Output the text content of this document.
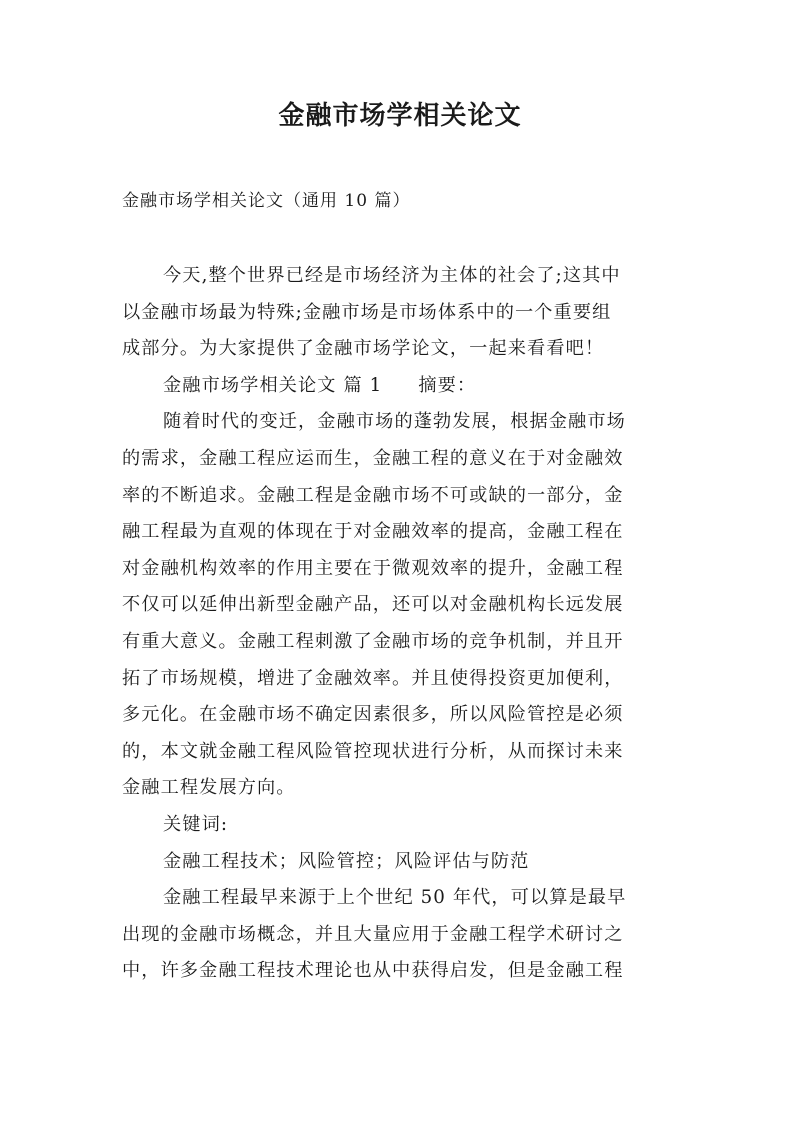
金融市场学相关论文
金融市场学相关论文（通用 10 篇）
今天,整个世界已经是市场经济为主体的社会了;这其中
以金融市场最为特殊;金融市场是市场体系中的一个重要组
成部分。为大家提供了金融市场学论文，一起来看看吧！
金融市场学相关论文 篇 1 摘要：
随着时代的变迁，金融市场的蓬勃发展，根据金融市场
的需求，金融工程应运而生，金融工程的意义在于对金融效
率的不断追求。金融工程是金融市场不可或缺的一部分，金
融工程最为直观的体现在于对金融效率的提高，金融工程在
对金融机构效率的作用主要在于微观效率的提升，金融工程
不仅可以延伸出新型金融产品，还可以对金融机构长远发展
有重大意义。金融工程刺激了金融市场的竞争机制，并且开
拓了市场规模，增进了金融效率。并且使得投资更加便利，
多元化。在金融市场不确定因素很多，所以风险管控是必须
的，本文就金融工程风险管控现状进行分析，从而探讨未来
金融工程发展方向。
关键词:
金融工程技术；风险管控；风险评估与防范
金融工程最早来源于上个世纪 50 年代，可以算是最早
出现的金融市场概念，并且大量应用于金融工程学术研讨之
中，许多金融工程技术理论也从中获得启发，但是金融工程
